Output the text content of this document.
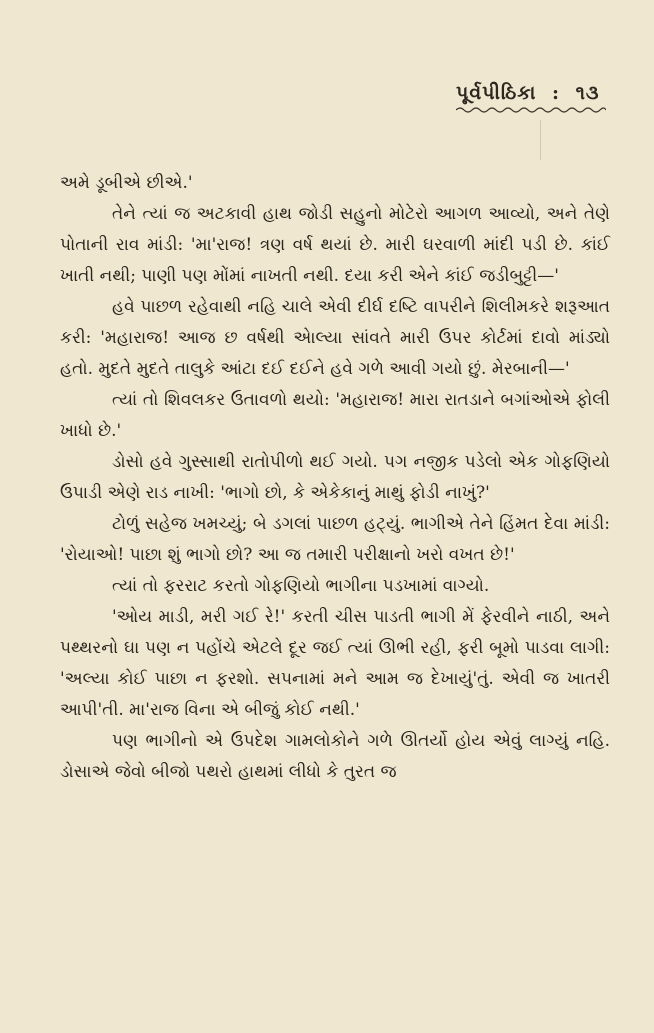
પૂર્વપીઠિકા : ૧૩

અમે ડૂબીએ છીએ.'

તેને ત્યાં જ અટકાવી હાથ જોડી સહુનો મોટેરો આગળ આવ્યો, અને તેણે પોતાની રાવ માંડી: 'મા'રાજ! ત્રણ વર્ષ થયાં છે. મારી ઘરવાળી માંદી પડી છે. કાંઈ ખાતી નથી; પાણી પણ મોંમાં નાખતી નથી. દયા કરી એને કાંઈ જડીબુટ્ટી—'

હવે પાછળ રહેવાથી નહિ ચાલે એવી દીર્ઘ દષ્ટિ વાપરીને શિલીમકરે શરૂઆત કરી: 'મહારાજ! આજ છ વર્ષથી એાલ્યા સાંવતે મારી ઉપર કોર્ટમાં દાવો માંડ્યો હતો. મુદતે મુદતે તાલુકે આંટા દઈ દઈને હવે ગળે આવી ગયો છું. મેરબાની—'

ત્યાં તો શિવલકર ઉતાવળો થયો: 'મહારાજ! મારા રાતડાને બગાંઓએ ફોલી ખાધો છે.'

ડોસો હવે ગુસ્સાથી રાતોપીળો થઈ ગયો. પગ નજીક પડેલો એક ગોફણિયો ઉપાડી એણે રાડ નાખી: 'ભાગો છો, કે એકેકાનું માથું ફોડી નાખું?'

ટોળું સહેજ ખમચ્યું; બે ડગલાં પાછળ હટ્યું. ભાગીએ તેને હિંમત દેવા માંડી: 'રોયાઓ! પાછા શું ભાગો છો? આ જ તમારી પરીક્ષાનો ખરો વખત છે!'

ત્યાં તો ફરરાટ કરતો ગોફણિયો ભાગીના પડખામાં વાગ્યો.

'ઓય માડી, મરી ગઈ રે!' કરતી ચીસ પાડતી ભાગી મેં ફેરવીને નાઠી, અને પથ્થરનો ઘા પણ ન પહોંચે એટલે દૂર જઈ ત્યાં ઊભી રહી, ફરી બૂમો પાડવા લાગી: 'અલ્યા કોઈ પાછા ન ફરશો. સપનામાં મને આમ જ દેખાયું'તું. એવી જ ખાતરી આપી'તી. મા'રાજ વિના એ બીજું કોઈ નથી.'

પણ ભાગીનો એ ઉપદેશ ગામલોકોને ગળે ઊતર્યો હોય એવું લાગ્યું નહિ. ડોસાએ જેવો બીજો પથરો હાથમાં લીધો કે તુરત જ
